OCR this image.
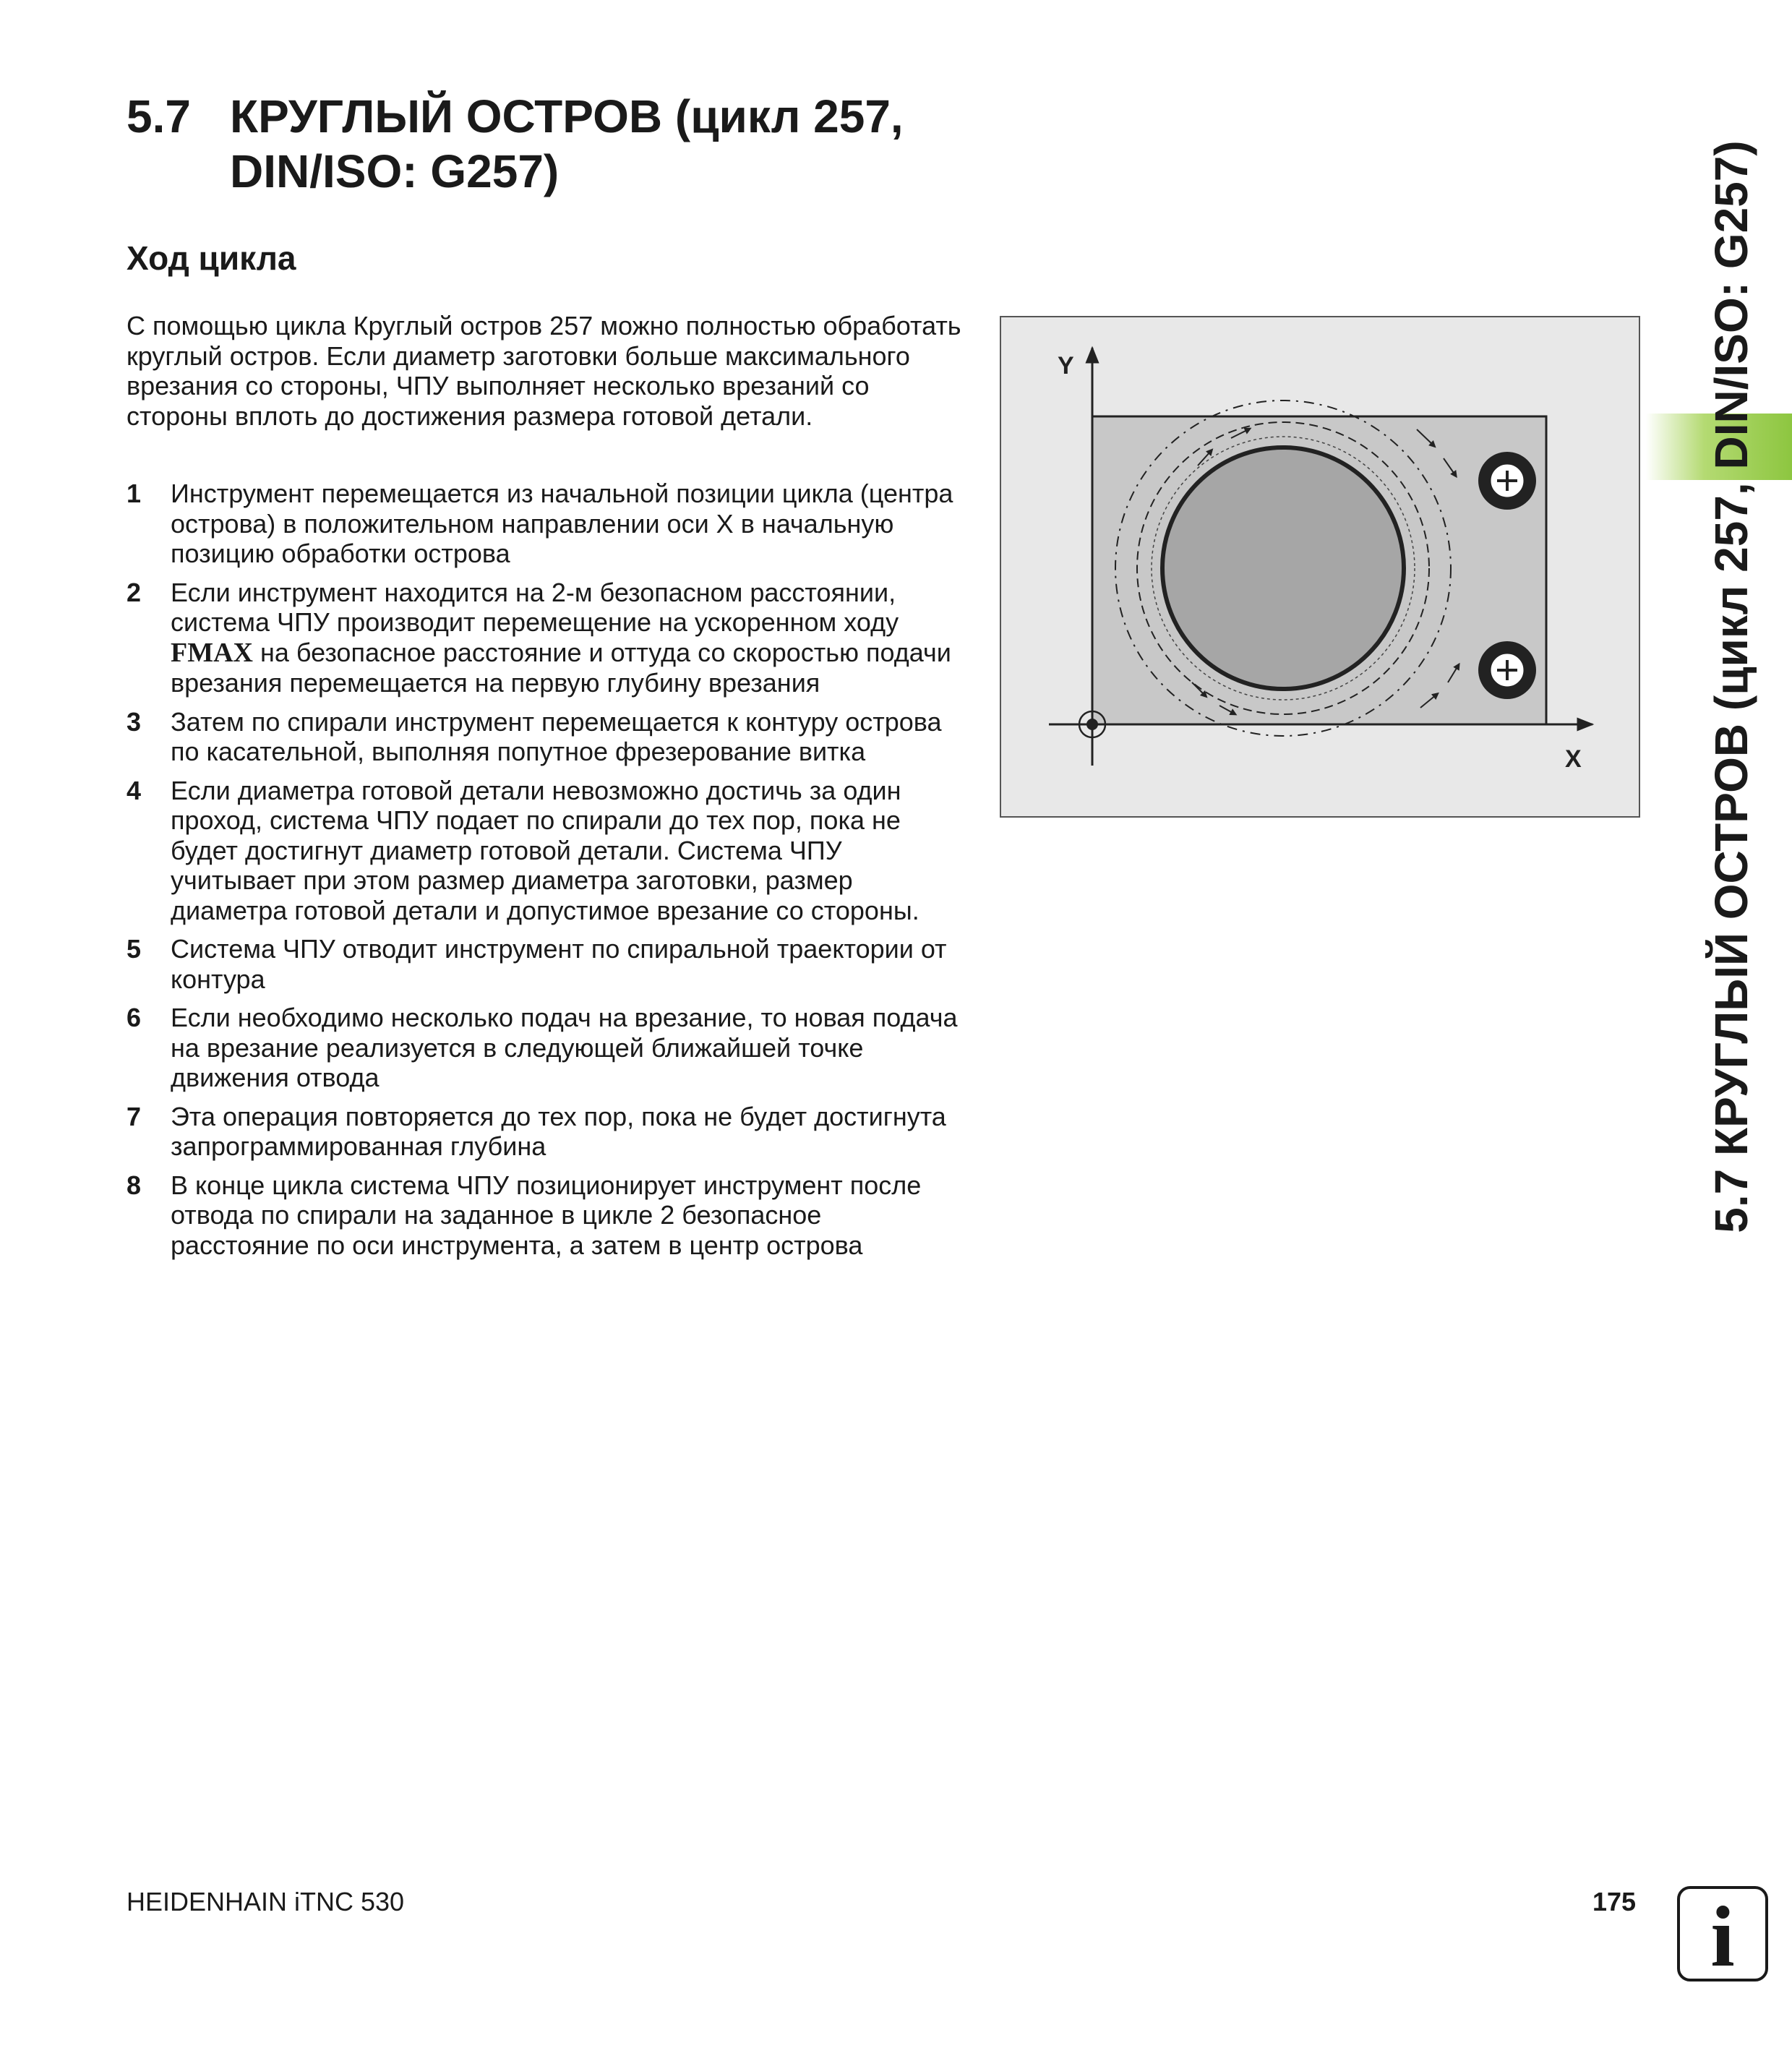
5.7 КРУГЛЫЙ ОСТРОВ (цикл 257,
DIN/ISO: G257)
Ход цикла

С помощью цикла Круглый остров 257 можно полностью обработать круглый остров. Если диаметр заготовки больше максимального врезания со стороны, ЧПУ выполняет несколько врезаний со стороны вплоть до достижения размера готовой детали.

1 Инструмент перемещается из начальной позиции цикла (центра острова) в положительном направлении оси X в начальную позицию обработки острова
2 Если инструмент находится на 2-м безопасном расстоянии, система ЧПУ производит перемещение на ускоренном ходу FMAX на безопасное расстояние и оттуда со скоростью подачи врезания перемещается на первую глубину врезания
3 Затем по спирали инструмент перемещается к контуру острова по касательной, выполняя попутное фрезерование витка
4 Если диаметра готовой детали невозможно достичь за один проход, система ЧПУ подает по спирали до тех пор, пока не будет достигнут диаметр готовой детали. Система ЧПУ учитывает при этом размер диаметра заготовки, размер диаметра готовой детали и допустимое врезание со стороны.
5 Система ЧПУ отводит инструмент по спиральной траектории от контура
6 Если необходимо несколько подач на врезание, то новая подача на врезание реализуется в следующей ближайшей точке движения отвода
7 Эта операция повторяется до тех пор, пока не будет достигнута запрограммированная глубина
8 В конце цикла система ЧПУ позиционирует инструмент после отвода по спирали на заданное в цикле 2 безопасное расстояние по оси инструмента, а затем в центр острова
Y
X	5.7 КРУГЛЫЙ ОСТРОВ (цикл 257, DIN/ISO: G257)
HEIDENHAIN iTNC 530	175 i
